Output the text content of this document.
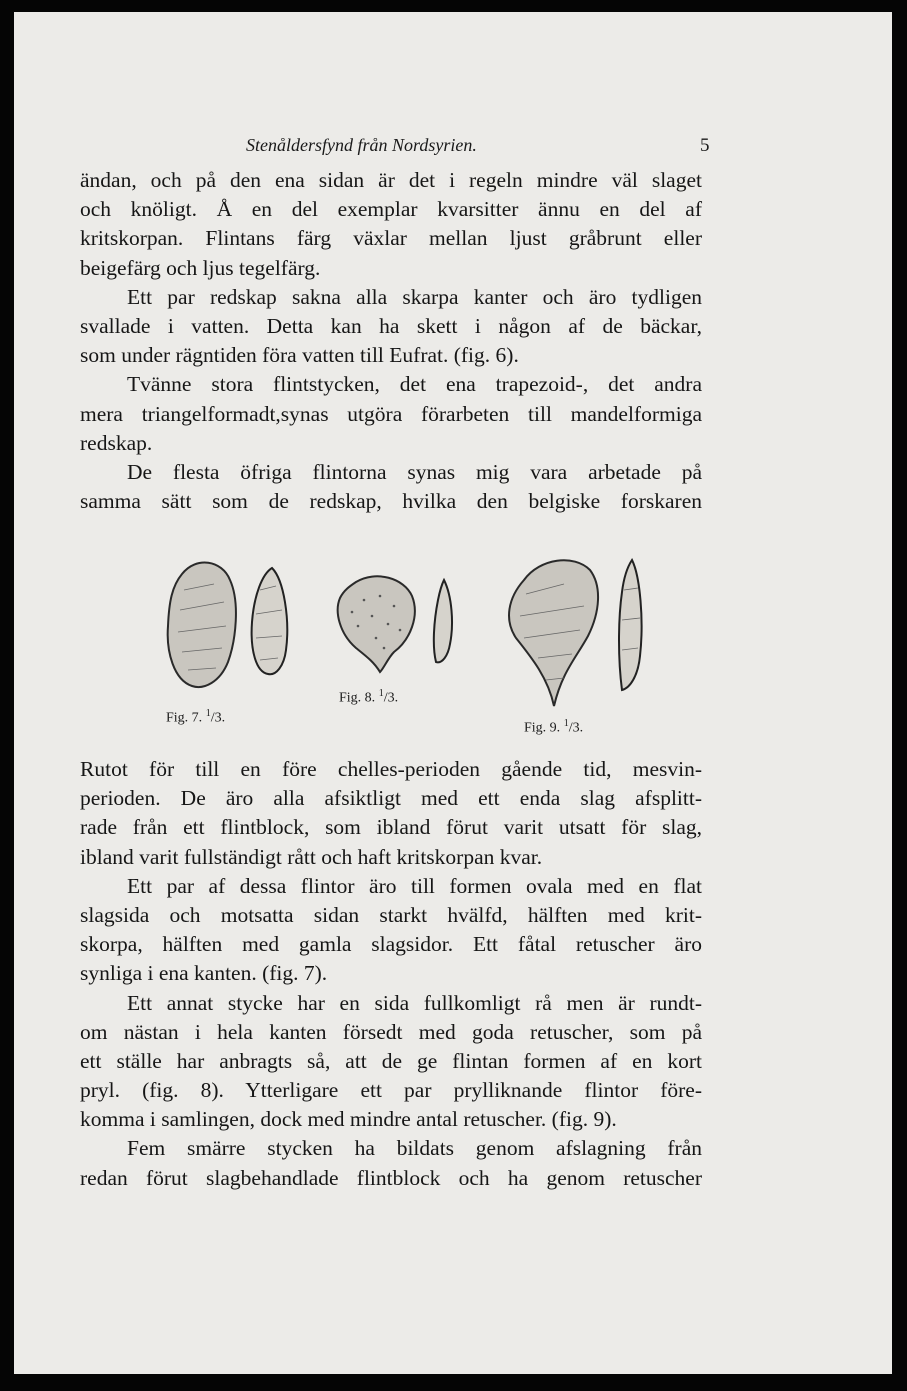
Stenåldersfynd från Nordsyrien.	5
ändan, och på den ena sidan är det i regeln mindre väl slaget
och knöligt. Å en del exemplar kvarsitter ännu en del af
kritskorpan. Flintans färg växlar mellan ljust gråbrunt eller
beigefärg och ljus tegelfärg.
Ett par redskap sakna alla skarpa kanter och äro tydligen
svallade i vatten. Detta kan ha skett i någon af de bäckar,
som under rägntiden föra vatten till Eufrat. (fig. 6).
Tvänne stora flintstycken, det ena trapezoid-, det andra
mera triangelformadt,synas utgöra förarbeten till mandelformiga
redskap.
De flesta öfriga flintorna synas mig vara arbetade på
samma sätt som de redskap, hvilka den belgiske forskaren
Fig. 7. $^1$/3.
Fig. 8. $^1$/3.
Fig. 9. $^1$/3.
Rutot för till en före chelles-perioden gående tid, mesvin-
perioden. De äro alla afsiktligt med ett enda slag afsplitt-
rade från ett flintblock, som ibland förut varit utsatt för slag,
ibland varit fullständigt rått och haft kritskorpan kvar.
Ett par af dessa flintor äro till formen ovala med en flat
slagsida och motsatta sidan starkt hvälfd, hälften med krit-
skorpa, hälften med gamla slagsidor. Ett fåtal retuscher äro
synliga i ena kanten. (fig. 7).
Ett annat stycke har en sida fullkomligt rå men är rundt-
om nästan i hela kanten försedt med goda retuscher, som på
ett ställe har anbragts så, att de ge flintan formen af en kort
pryl. (fig. 8). Ytterligare ett par prylliknande flintor före-
komma i samlingen, dock med mindre antal retuscher. (fig. 9).
Fem smärre stycken ha bildats genom afslagning från
redan förut slagbehandlade flintblock och ha genom retuscher
